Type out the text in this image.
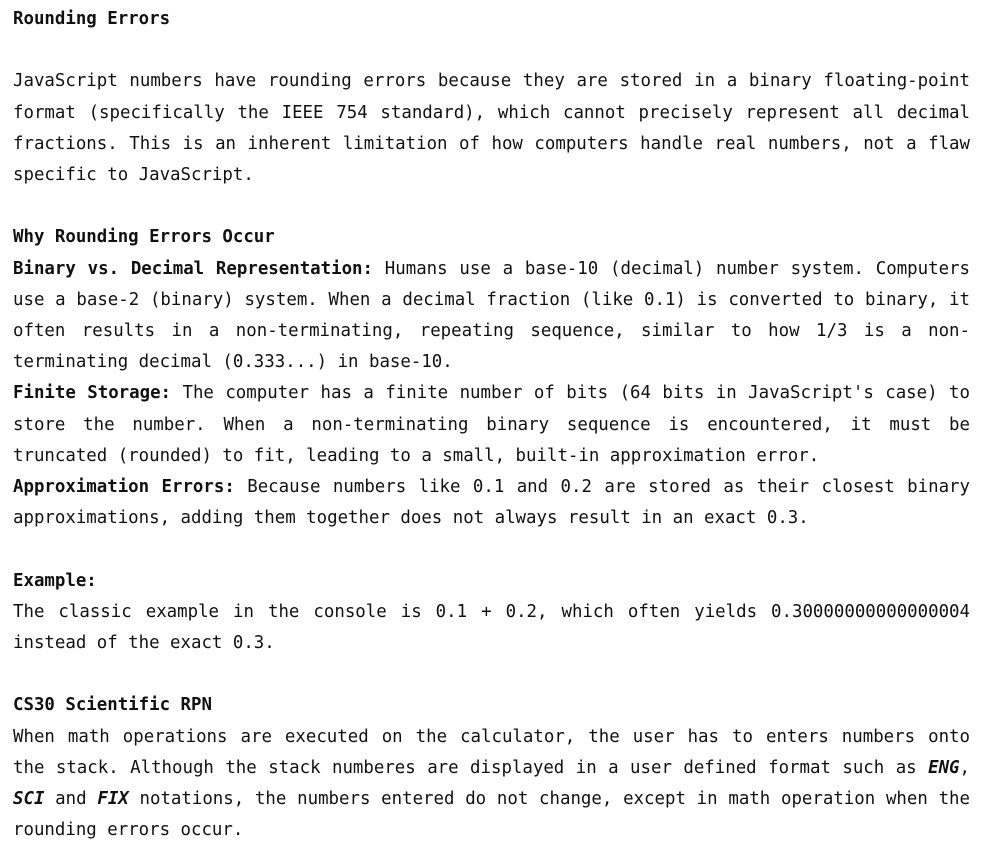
Rounding Errors

JavaScript numbers have rounding errors because they are stored in a binary floating-point format (specifically the IEEE 754 standard), which cannot precisely represent all decimal fractions. This is an inherent limitation of how computers handle real numbers, not a flaw specific to JavaScript.

Why Rounding Errors Occur

Binary vs. Decimal Representation: Humans use a base-10 (decimal) number system. Computers use a base-2 (binary) system. When a decimal fraction (like 0.1) is converted to binary, it often results in a non-terminating, repeating sequence, similar to how 1/3 is a non-terminating decimal (0.333...) in base-10.

Finite Storage: The computer has a finite number of bits (64 bits in JavaScript's case) to store the number. When a non-terminating binary sequence is encountered, it must be truncated (rounded) to fit, leading to a small, built-in approximation error.

Approximation Errors: Because numbers like 0.1 and 0.2 are stored as their closest binary approximations, adding them together does not always result in an exact 0.3.

Example:

The classic example in the console is 0.1 + 0.2, which often yields 0.30000000000000004 instead of the exact 0.3.

CS30 Scientific RPN

When math operations are executed on the calculator, the user has to enters numbers onto the stack. Although the stack numberes are displayed in a user defined format such as ENG, SCI and FIX notations, the numbers entered do not change, except in math operation when the rounding errors occur.
